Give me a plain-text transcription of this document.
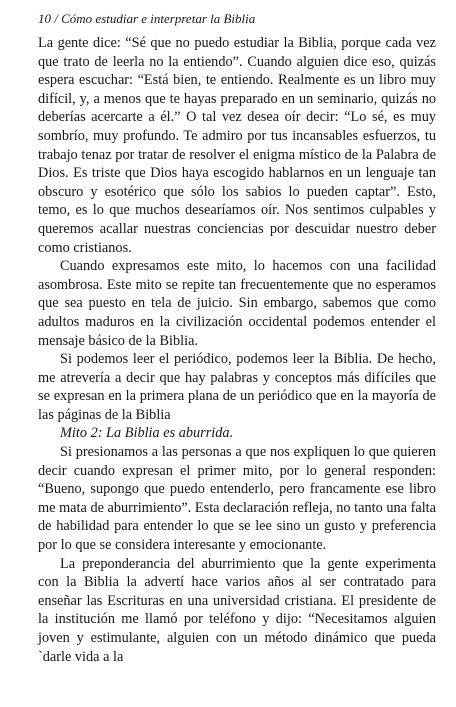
10 / Cómo estudiar e interpretar la Biblia

La gente dice: “Sé que no puedo estudiar la Biblia, porque cada vez que trato de leerla no la entiendo”. Cuando alguien dice eso, quizás espera escuchar: “Está bien, te entiendo. Realmente es un libro muy difícil, y, a menos que te hayas preparado en un seminario, quizás no deberías acercarte a él.” O tal vez desea oír decir: “Lo sé, es muy sombrío, muy profundo. Te admiro por tus incansables esfuerzos, tu trabajo tenaz por tratar de resolver el enigma místico de la Palabra de Dios. Es triste que Dios haya escogido hablarnos en un lenguaje tan obscuro y esotérico que sólo los sabios lo pueden captar”. Esto, temo, es lo que muchos desearíamos oír. Nos sentimos culpables y queremos acallar nuestras conciencias por descuidar nuestro deber como cristianos.

Cuando expresamos este mito, lo hacemos con una facilidad asombrosa. Este mito se repite tan frecuentemente que no esperamos que sea puesto en tela de juicio. Sin embargo, sabemos que como adultos maduros en la civilización occidental podemos entender el mensaje básico de la Biblia.

Si podemos leer el periódico, podemos leer la Biblia. De hecho, me atrevería a decir que hay palabras y conceptos más difíciles que se expresan en la primera plana de un periódico que en la mayoría de las páginas de la Biblia

Mito 2: La Biblia es aburrida.

Si presionamos a las personas a que nos expliquen lo que quieren decir cuando expresan el primer mito, por lo general responden: “Bueno, supongo que puedo entenderlo, pero francamente ese libro me mata de aburrimiento”. Esta declaración refleja, no tanto una falta de habilidad para entender lo que se lee sino un gusto y preferencia por lo que se considera interesante y emocionante.

La preponderancia del aburrimiento que la gente experimenta con la Biblia la advertí hace varios años al ser contratado para enseñar las Escrituras en una universidad cristiana. El presidente de la institución me llamó por teléfono y dijo: “Necesitamos alguien joven y estimulante, alguien con un método dinámico que pueda `darle vida a la
